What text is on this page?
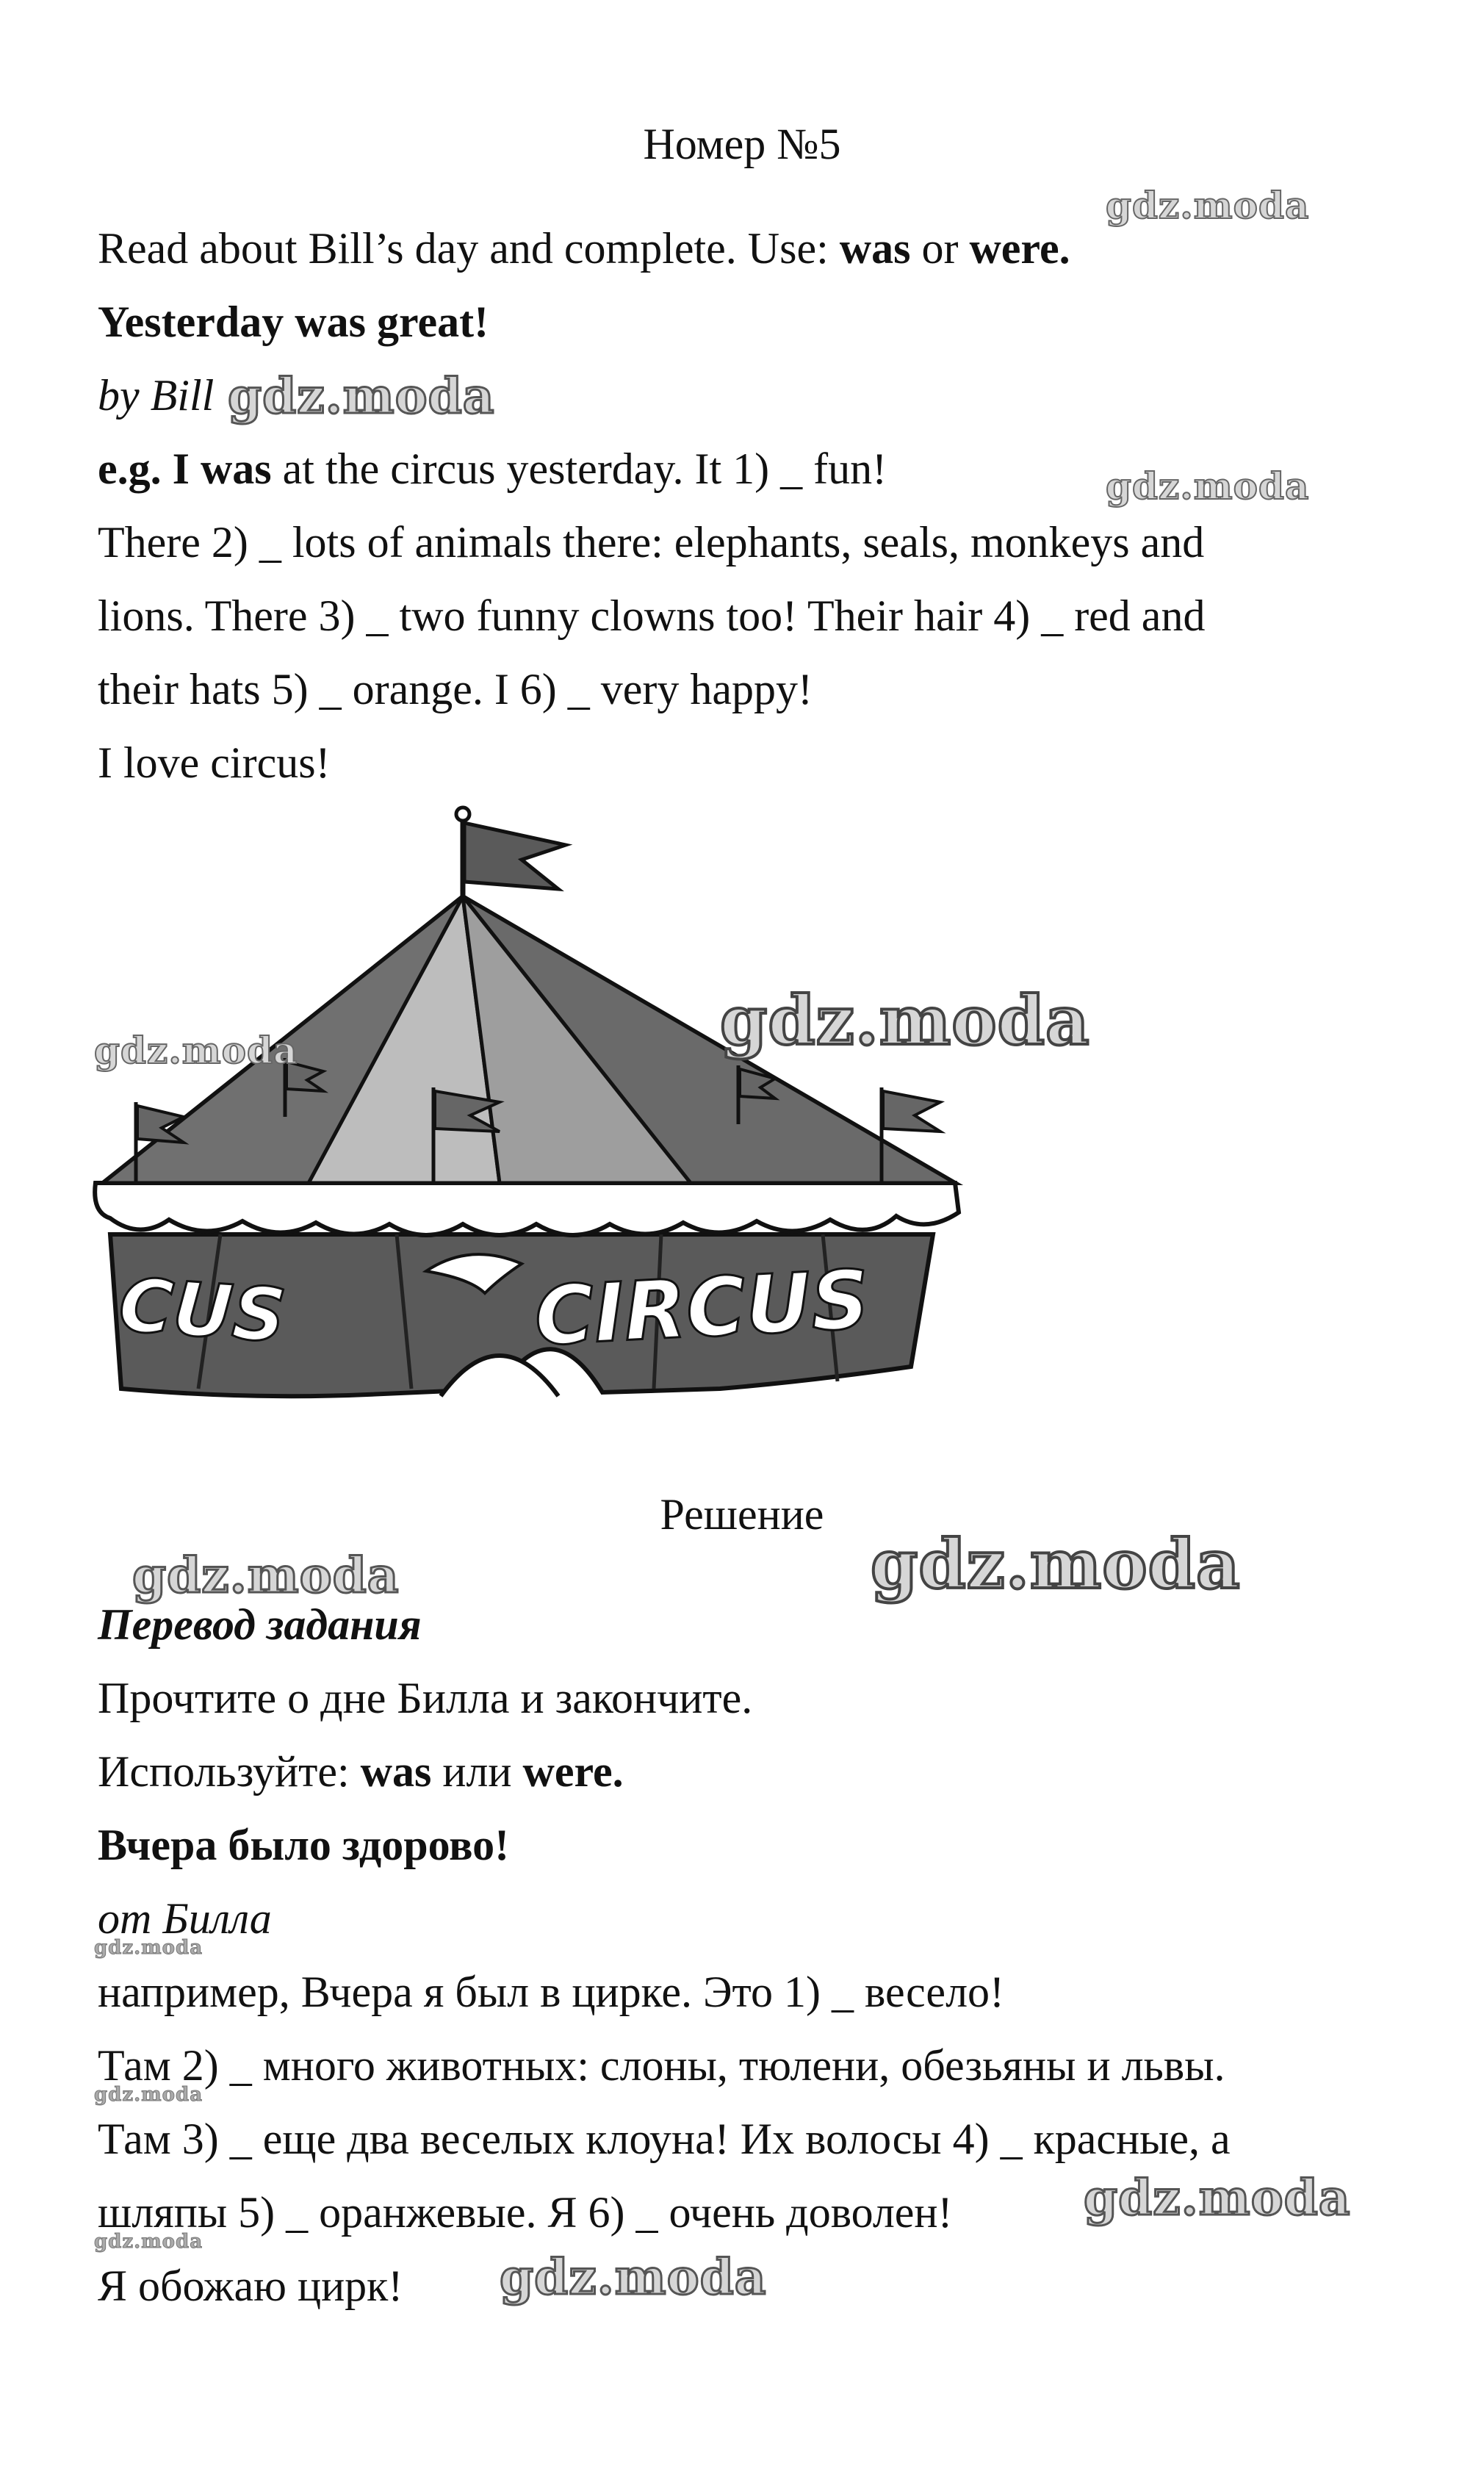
Номер №5
Read about Bill’s day and complete. Use: was or were.
Yesterday was great!
by Bill
e.g. I was at the circus yesterday. It 1) _ fun!
There 2) _ lots of animals there: elephants, seals, monkeys and
lions. There 3) _ two funny clowns too! Their hair 4) _ red and
their hats 5) _ orange. I 6) _ very happy!
I love circus!
CUS	CIRCUS
Решение
Перевод задания
Прочтите о дне Билла и закончите.
Используйте: was или were.
Вчера было здорово!
от Билла
например, Вчера я был в цирке. Это 1) _ весело!
Там 2) _ много животных: слоны, тюлени, обезьяны и львы.
Там 3) _ еще два веселых клоуна! Их волосы 4) _ красные, а
шляпы 5) _ оранжевые. Я 6) _ очень доволен!
Я обожаю цирк!
gdz.moda
gdz.moda
gdz.moda
gdz.moda	gdz.moda
gdz.moda	gdz.moda
gdz.moda
gdz.moda
gdz.moda
gdz.moda
gdz.moda
